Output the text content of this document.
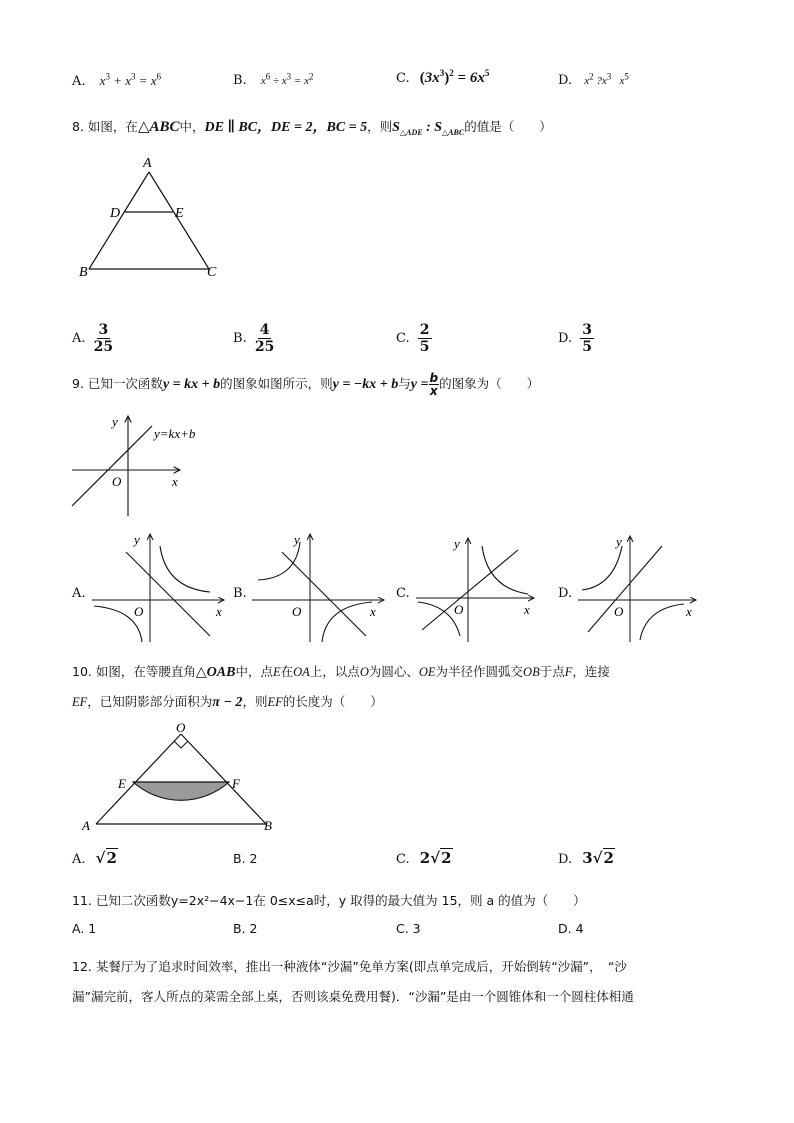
A. $x^3 + x^3 = x^6$	B. $x^6 \div x^3 = x^2$	C. $(3x^3)^2 = 6x^5$	D. $x^2$ $?x^3$   $x^5$
8. 如图，在△ABC中，DE ∥ BC，DE = 2，BC = 5，则$S_{\triangle ADE}$ : $S_{\triangle ABC}$的值是（　　）
A
D	E
B	C
A. $\frac{3}{25}$	B. $\frac{4}{25}$	C. $\frac{2}{5}$	D. $\frac{3}{5}$
9. 已知一次函数y = kx + b的图象如图所示，则y = −kx + b与$y = \frac{b}{x}$ 的图象为（　　）
y
x
O
y=kx+b
A.
y
x
O
B.
y
x
O
C.
y
x
O
D.
y
x
O
10. 如图，在等腰直角△OAB中，点E在OA上，以点O为圆心、OE为半径作圆弧交OB于点F，连接
EF，已知阴影部分面积为π − 2，则EF的长度为（　　）
O
E	F
A	B
A. √2	B. 2	C. 2√2	D. 3√2
11. 已知二次函数y=2x²−4x−1在 0≤x≤a时，y 取得的最大值为 15，则 a 的值为（　　）
A. 1	B. 2	C. 3	D. 4
12. 某餐厅为了追求时间效率，推出一种液体“沙漏”免单方案(即点单完成后，开始倒转“沙漏”，　“沙
漏”漏完前，客人所点的菜需全部上桌，否则该桌免费用餐)．“沙漏”是由一个圆锥体和一个圆柱体相通
